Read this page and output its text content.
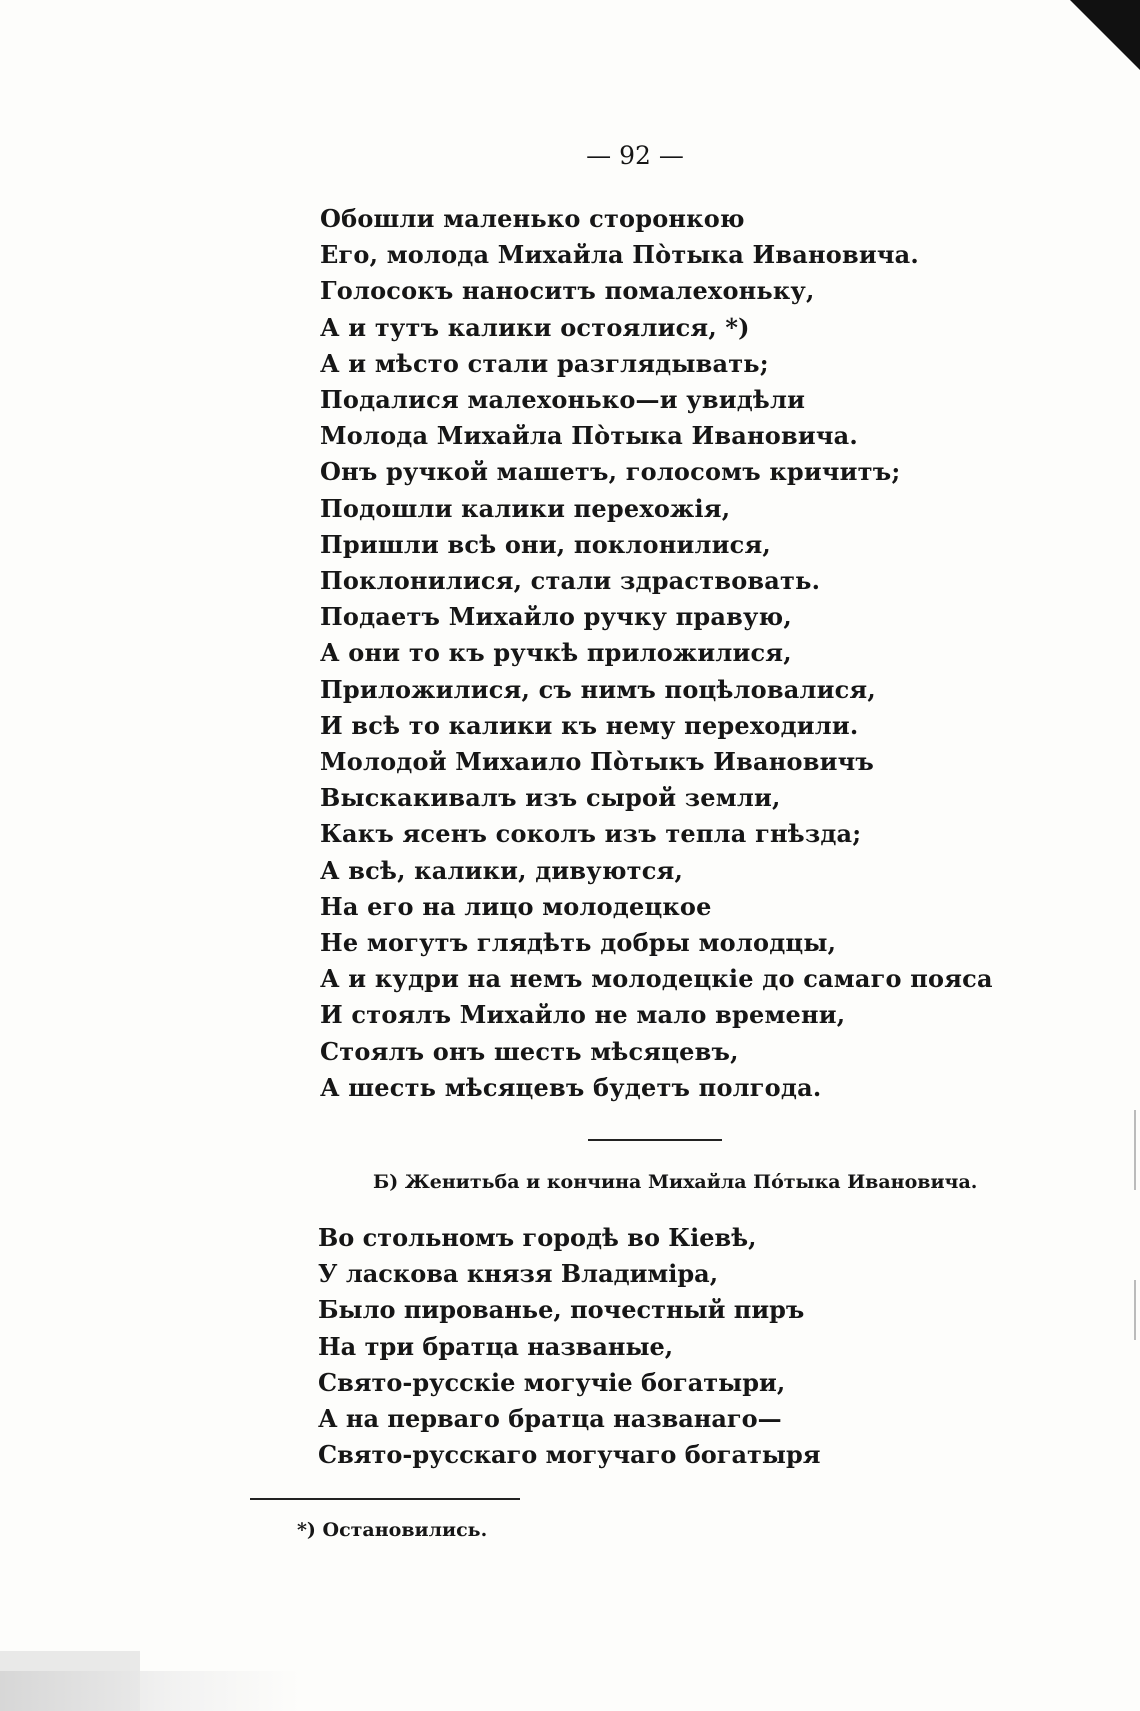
— 92 —
Обошли маленько сторонкою
Его, молода Михайла Пòтыка Ивановича.
Голосокъ наноситъ помалехоньку,
А и тутъ калики остоялися, *)
А и мѣсто стали разглядывать;
Подалися малехонько—и увидѣли
Молода Михайла Пòтыка Ивановича.
Онъ ручкой машетъ, голосомъ кричитъ;
Подошли калики перехожія,
Пришли всѣ они, поклонилися,
Поклонилися, стали здраствовать.
Подаетъ Михайло ручку правую,
А они то къ ручкѣ приложилися,
Приложилися, съ нимъ поцѣловалися,
И всѣ то калики къ нему переходили.
Молодой Михаило Пòтыкъ Ивановичъ
Выскакивалъ изъ сырой земли,
Какъ ясенъ соколъ изъ тепла гнѣзда;
А всѣ, калики, дивуются,
На его на лицо молодецкое
Не могутъ глядѣть добры молодцы,
А и кудри на немъ молодецкіе до самаго пояса
И стоялъ Михайло не мало времени,
Стоялъ онъ шесть мѣсяцевъ,
А шесть мѣсяцевъ будетъ полгода.
Б) Женитьба и кончина Михайла Пóтыка Ивановича.
Во стольномъ городѣ во Кіевѣ,
У ласкова князя Владиміра,
Было пированье, почестный пиръ
На три братца названые,
Свято-русскіе могучіе богатыри,
А на перваго братца названаго—
Свято-русскаго могучаго богатыря
*) Остановились.
